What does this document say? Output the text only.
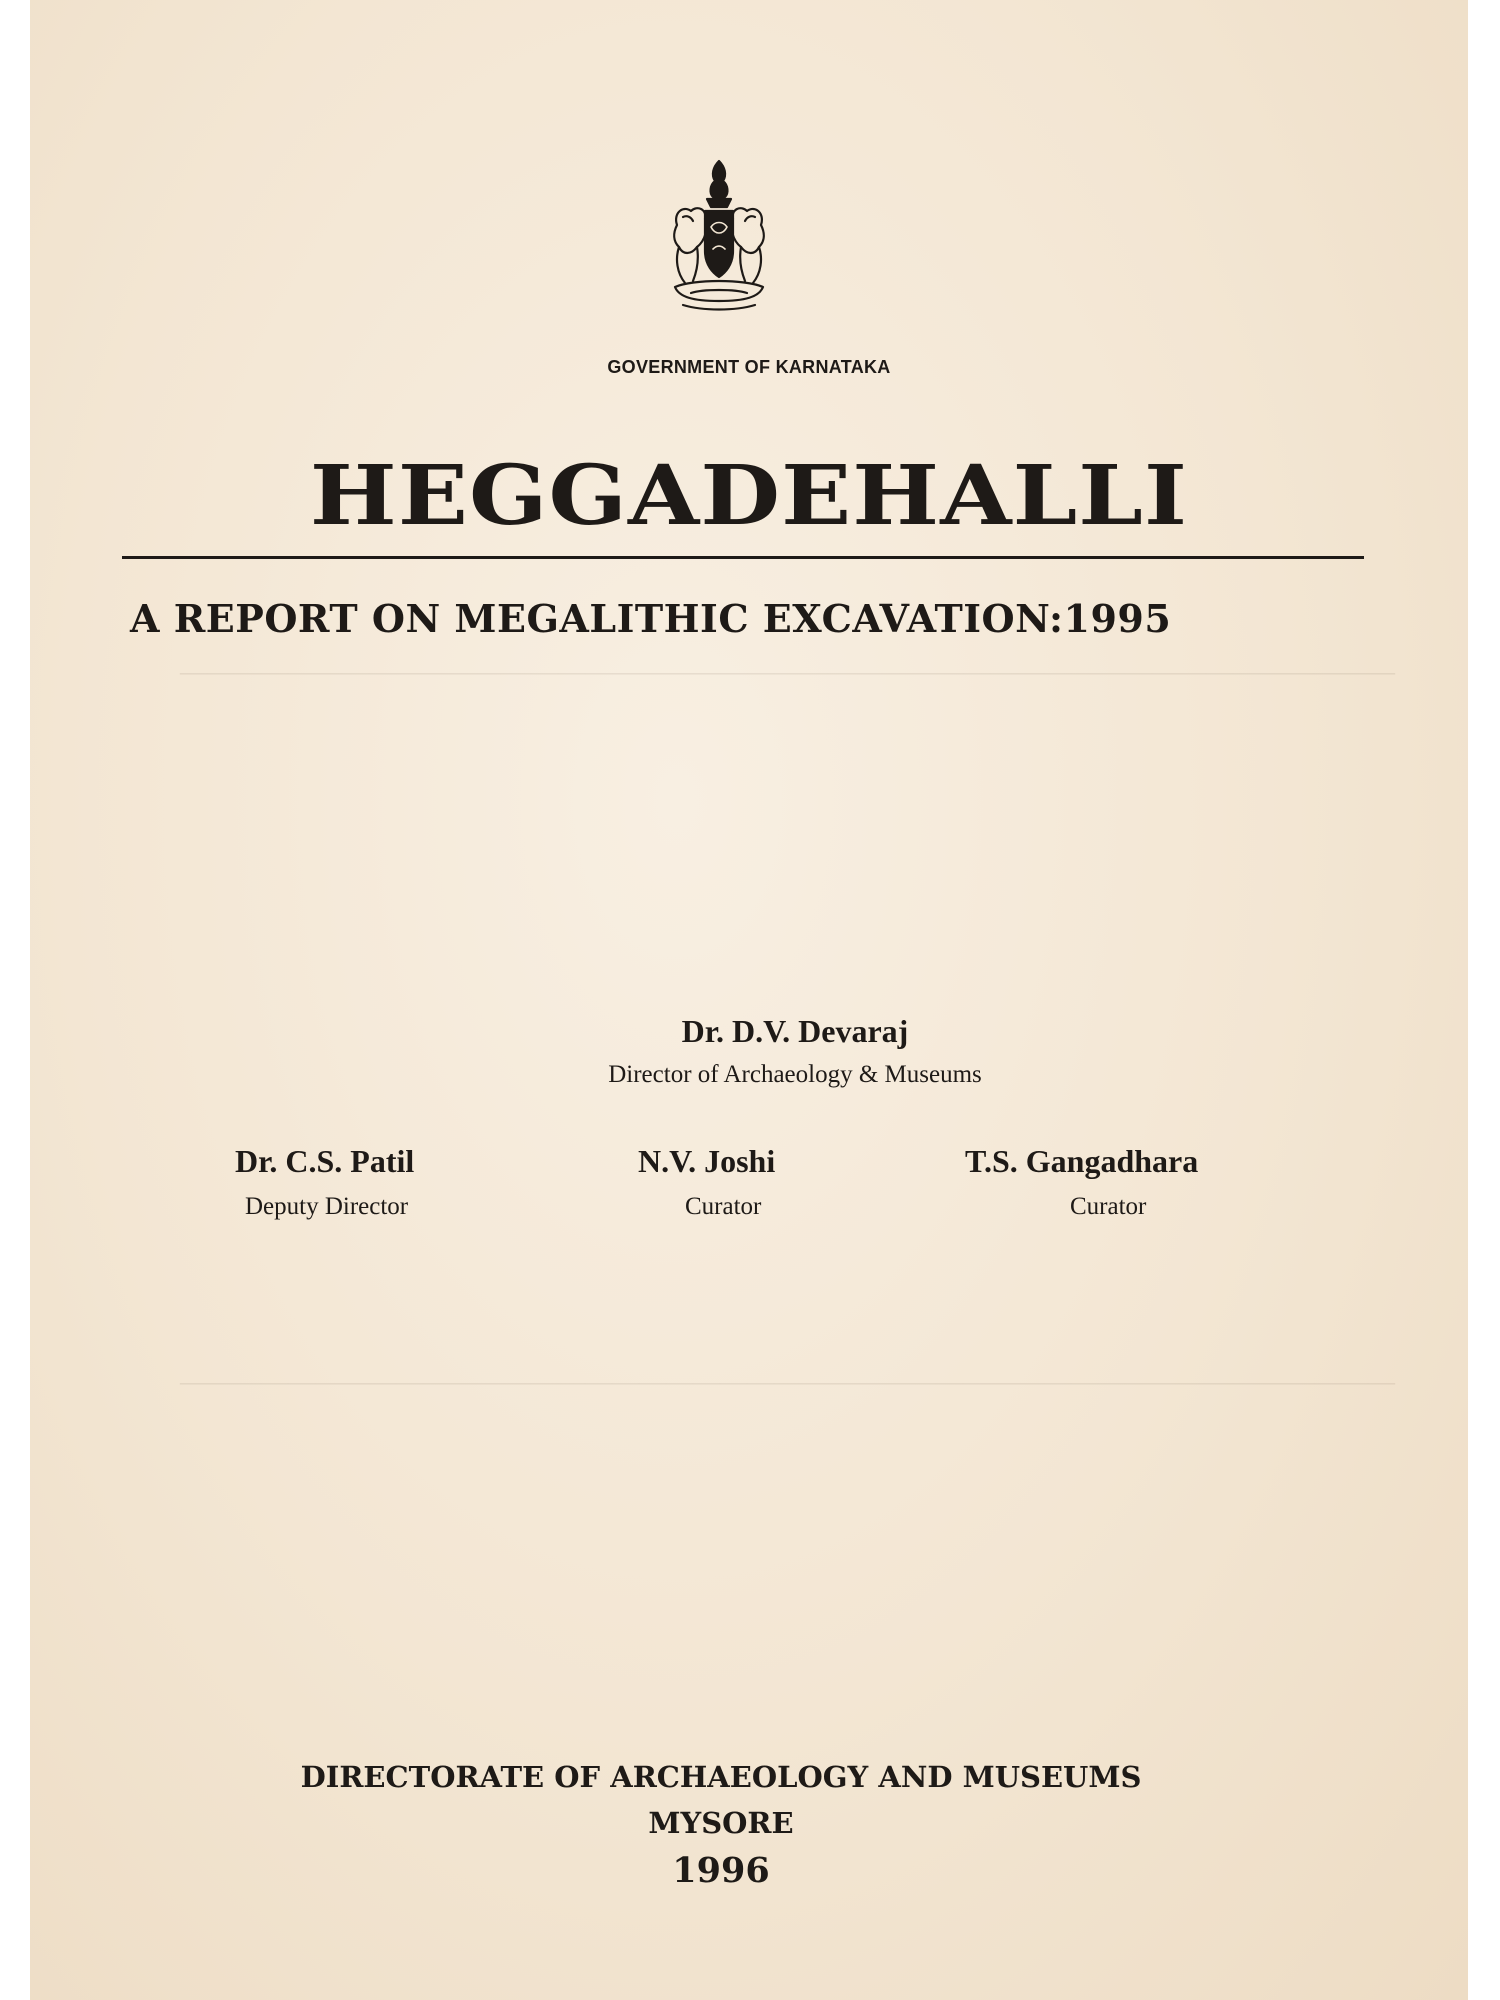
—————————————————————————————————————————————
—————————————————————————————————————————————
GOVERNMENT OF KARNATAKA
HEGGADEHALLI
A REPORT ON MEGALITHIC EXCAVATION:1995
Dr. D.V. Devaraj
Director of Archaeology & Museums
Dr. C.S. Patil
Deputy Director
N.V. Joshi
Curator
T.S. Gangadhara
Curator
DIRECTORATE OF ARCHAEOLOGY AND MUSEUMS
MYSORE
1996
